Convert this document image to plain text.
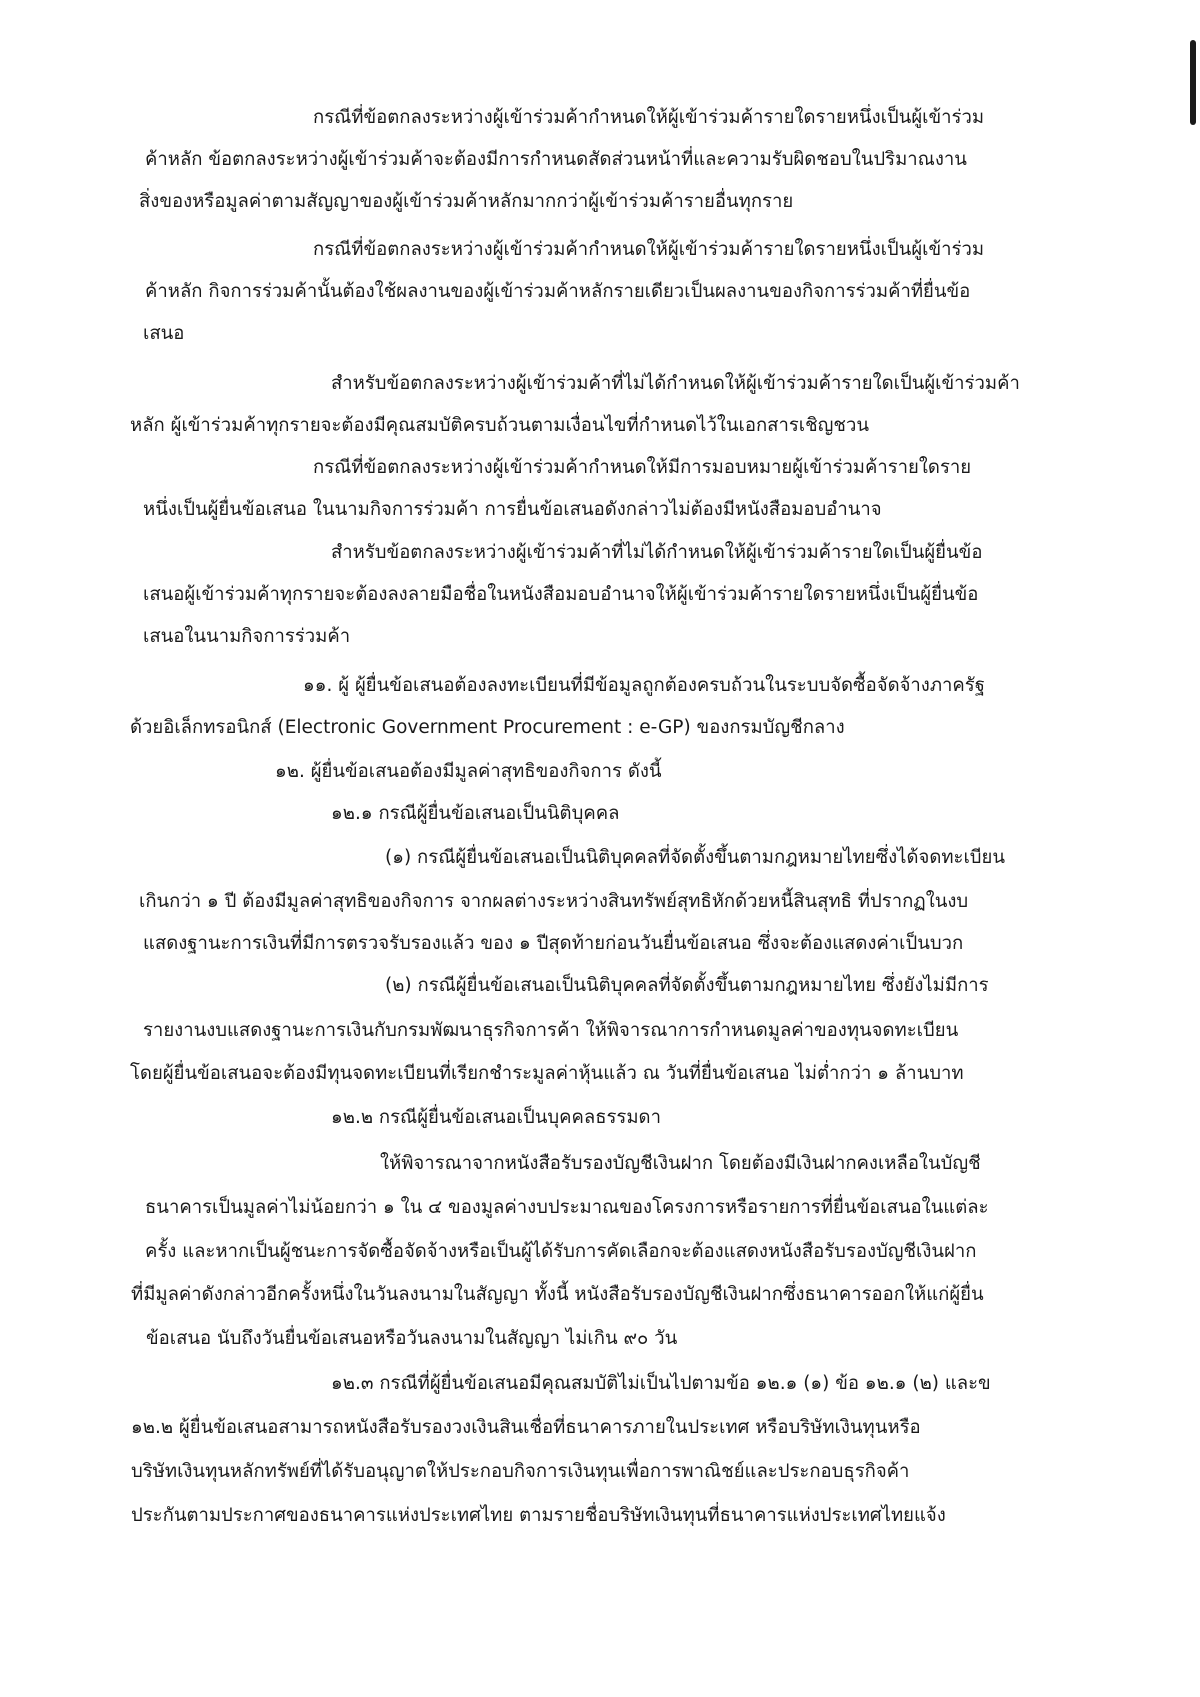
กรณีที่ข้อตกลงระหว่างผู้เข้าร่วมค้ากำหนดให้ผู้เข้าร่วมค้ารายใดรายหนึ่งเป็นผู้เข้าร่วม
ค้าหลัก ข้อตกลงระหว่างผู้เข้าร่วมค้าจะต้องมีการกำหนดสัดส่วนหน้าที่และความรับผิดชอบในปริมาณงาน
สิ่งของหรือมูลค่าตามสัญญาของผู้เข้าร่วมค้าหลักมากกว่าผู้เข้าร่วมค้ารายอื่นทุกราย
กรณีที่ข้อตกลงระหว่างผู้เข้าร่วมค้ากำหนดให้ผู้เข้าร่วมค้ารายใดรายหนึ่งเป็นผู้เข้าร่วม
ค้าหลัก กิจการร่วมค้านั้นต้องใช้ผลงานของผู้เข้าร่วมค้าหลักรายเดียวเป็นผลงานของกิจการร่วมค้าที่ยื่นข้อ
เสนอ
สำหรับข้อตกลงระหว่างผู้เข้าร่วมค้าที่ไม่ได้กำหนดให้ผู้เข้าร่วมค้ารายใดเป็นผู้เข้าร่วมค้า
หลัก ผู้เข้าร่วมค้าทุกรายจะต้องมีคุณสมบัติครบถ้วนตามเงื่อนไขที่กำหนดไว้ในเอกสารเชิญชวน
กรณีที่ข้อตกลงระหว่างผู้เข้าร่วมค้ากำหนดให้มีการมอบหมายผู้เข้าร่วมค้ารายใดราย
หนึ่งเป็นผู้ยื่นข้อเสนอ ในนามกิจการร่วมค้า การยื่นข้อเสนอดังกล่าวไม่ต้องมีหนังสือมอบอำนาจ
สำหรับข้อตกลงระหว่างผู้เข้าร่วมค้าที่ไม่ได้กำหนดให้ผู้เข้าร่วมค้ารายใดเป็นผู้ยื่นข้อ
เสนอผู้เข้าร่วมค้าทุกรายจะต้องลงลายมือชื่อในหนังสือมอบอำนาจให้ผู้เข้าร่วมค้ารายใดรายหนึ่งเป็นผู้ยื่นข้อ
เสนอในนามกิจการร่วมค้า
๑๑. ผู้ ผู้ยื่นข้อเสนอต้องลงทะเบียนที่มีข้อมูลถูกต้องครบถ้วนในระบบจัดซื้อจัดจ้างภาครัฐ
ด้วยอิเล็กทรอนิกส์ (Electronic Government Procurement : e-GP) ของกรมบัญชีกลาง
๑๒. ผู้ยื่นข้อเสนอต้องมีมูลค่าสุทธิของกิจการ ดังนี้
๑๒.๑ กรณีผู้ยื่นข้อเสนอเป็นนิติบุคคล
(๑) กรณีผู้ยื่นข้อเสนอเป็นนิติบุคคลที่จัดตั้งขึ้นตามกฎหมายไทยซึ่งได้จดทะเบียน
เกินกว่า ๑ ปี ต้องมีมูลค่าสุทธิของกิจการ จากผลต่างระหว่างสินทรัพย์สุทธิหักด้วยหนี้สินสุทธิ ที่ปรากฏในงบ
แสดงฐานะการเงินที่มีการตรวจรับรองแล้ว ของ ๑ ปีสุดท้ายก่อนวันยื่นข้อเสนอ ซึ่งจะต้องแสดงค่าเป็นบวก
(๒) กรณีผู้ยื่นข้อเสนอเป็นนิติบุคคลที่จัดตั้งขึ้นตามกฎหมายไทย ซึ่งยังไม่มีการ
รายงานงบแสดงฐานะการเงินกับกรมพัฒนาธุรกิจการค้า ให้พิจารณาการกำหนดมูลค่าของทุนจดทะเบียน
โดยผู้ยื่นข้อเสนอจะต้องมีทุนจดทะเบียนที่เรียกชำระมูลค่าหุ้นแล้ว ณ วันที่ยื่นข้อเสนอ ไม่ต่ำกว่า ๑ ล้านบาท
๑๒.๒ กรณีผู้ยื่นข้อเสนอเป็นบุคคลธรรมดา
ให้พิจารณาจากหนังสือรับรองบัญชีเงินฝาก โดยต้องมีเงินฝากคงเหลือในบัญชี
ธนาคารเป็นมูลค่าไม่น้อยกว่า ๑ ใน ๔ ของมูลค่างบประมาณของโครงการหรือรายการที่ยื่นข้อเสนอในแต่ละ
ครั้ง และหากเป็นผู้ชนะการจัดซื้อจัดจ้างหรือเป็นผู้ได้รับการคัดเลือกจะต้องแสดงหนังสือรับรองบัญชีเงินฝาก
ที่มีมูลค่าดังกล่าวอีกครั้งหนึ่งในวันลงนามในสัญญา ทั้งนี้ หนังสือรับรองบัญชีเงินฝากซึ่งธนาคารออกให้แก่ผู้ยื่น
ข้อเสนอ นับถึงวันยื่นข้อเสนอหรือวันลงนามในสัญญา ไม่เกิน ๙๐ วัน
๑๒.๓ กรณีที่ผู้ยื่นข้อเสนอมีคุณสมบัติไม่เป็นไปตามข้อ ๑๒.๑ (๑) ข้อ ๑๒.๑ (๒) และข
๑๒.๒ ผู้ยื่นข้อเสนอสามารถหนังสือรับรองวงเงินสินเชื่อที่ธนาคารภายในประเทศ หรือบริษัทเงินทุนหรือ
บริษัทเงินทุนหลักทรัพย์ที่ได้รับอนุญาตให้ประกอบกิจการเงินทุนเพื่อการพาณิชย์และประกอบธุรกิจค้า
ประกันตามประกาศของธนาคารแห่งประเทศไทย ตามรายชื่อบริษัทเงินทุนที่ธนาคารแห่งประเทศไทยแจ้ง
